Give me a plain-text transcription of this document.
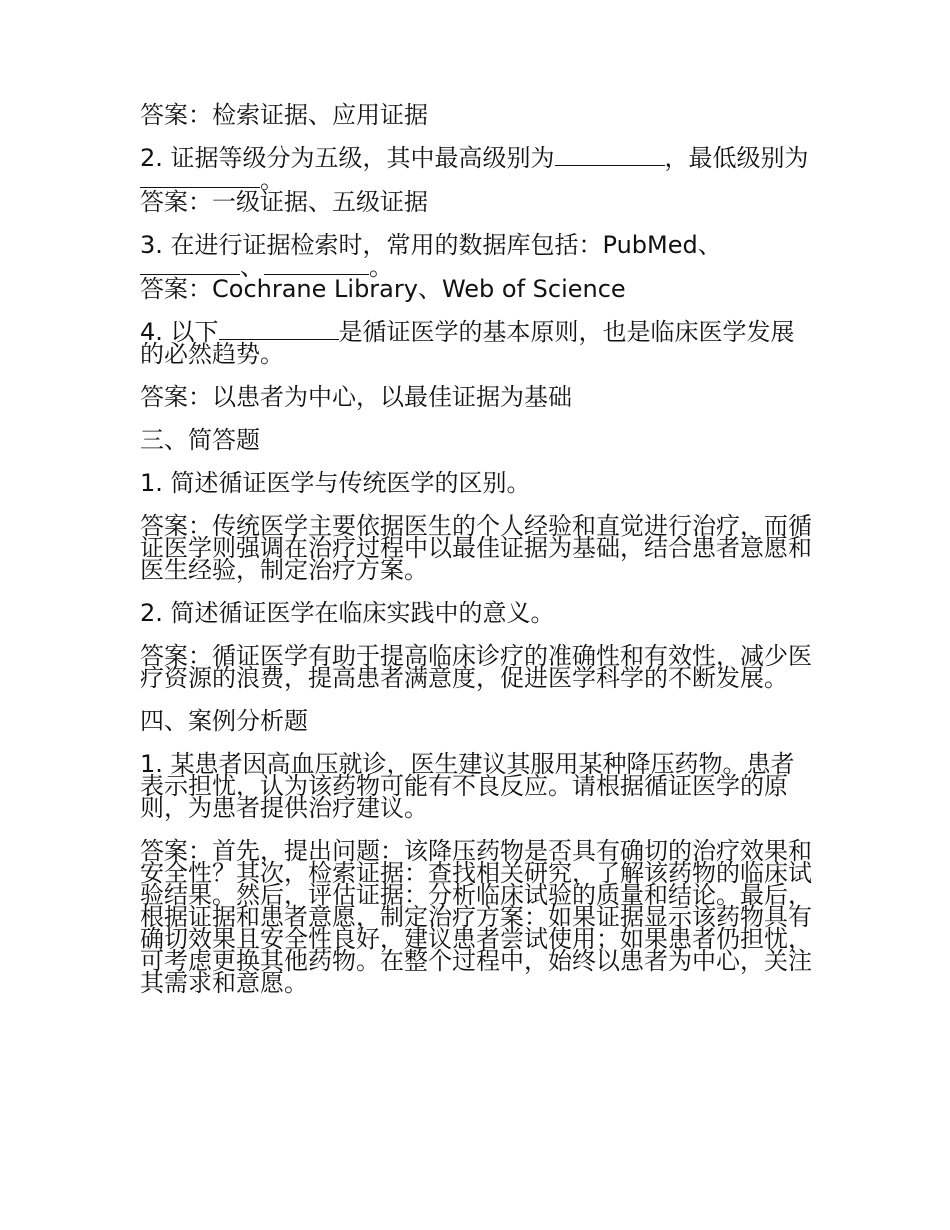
答案：检索证据、应用证据

2. 证据等级分为五级，其中最高级别为	，最低级别为。

答案：一级证据、五级证据

3. 在进行证据检索时，常用的数据库包括：PubMed、、	。

答案：Cochrane Library、Web of Science

4. 以下	是循证医学的基本原则，也是临床医学发展的必然趋势。

答案：以患者为中心，以最佳证据为基础

三、简答题

1. 简述循证医学与传统医学的区别。

答案：传统医学主要依据医生的个人经验和直觉进行治疗，而循证医学则强调在治疗过程中以最佳证据为基础，结合患者意愿和医生经验，制定治疗方案。

2. 简述循证医学在临床实践中的意义。

答案：循证医学有助于提高临床诊疗的准确性和有效性，减少医疗资源的浪费，提高患者满意度，促进医学科学的不断发展。

四、案例分析题

1. 某患者因高血压就诊，医生建议其服用某种降压药物。患者表示担忧，认为该药物可能有不良反应。请根据循证医学的原则，为患者提供治疗建议。

答案：首先，提出问题：该降压药物是否具有确切的治疗效果和安全性？其次，检索证据：查找相关研究，了解该药物的临床试验结果。然后，评估证据：分析临床试验的质量和结论。最后，根据证据和患者意愿，制定治疗方案：如果证据显示该药物具有确切效果且安全性良好，建议患者尝试使用；如果患者仍担忧，可考虑更换其他药物。在整个过程中，始终以患者为中心，关注其需求和意愿。
